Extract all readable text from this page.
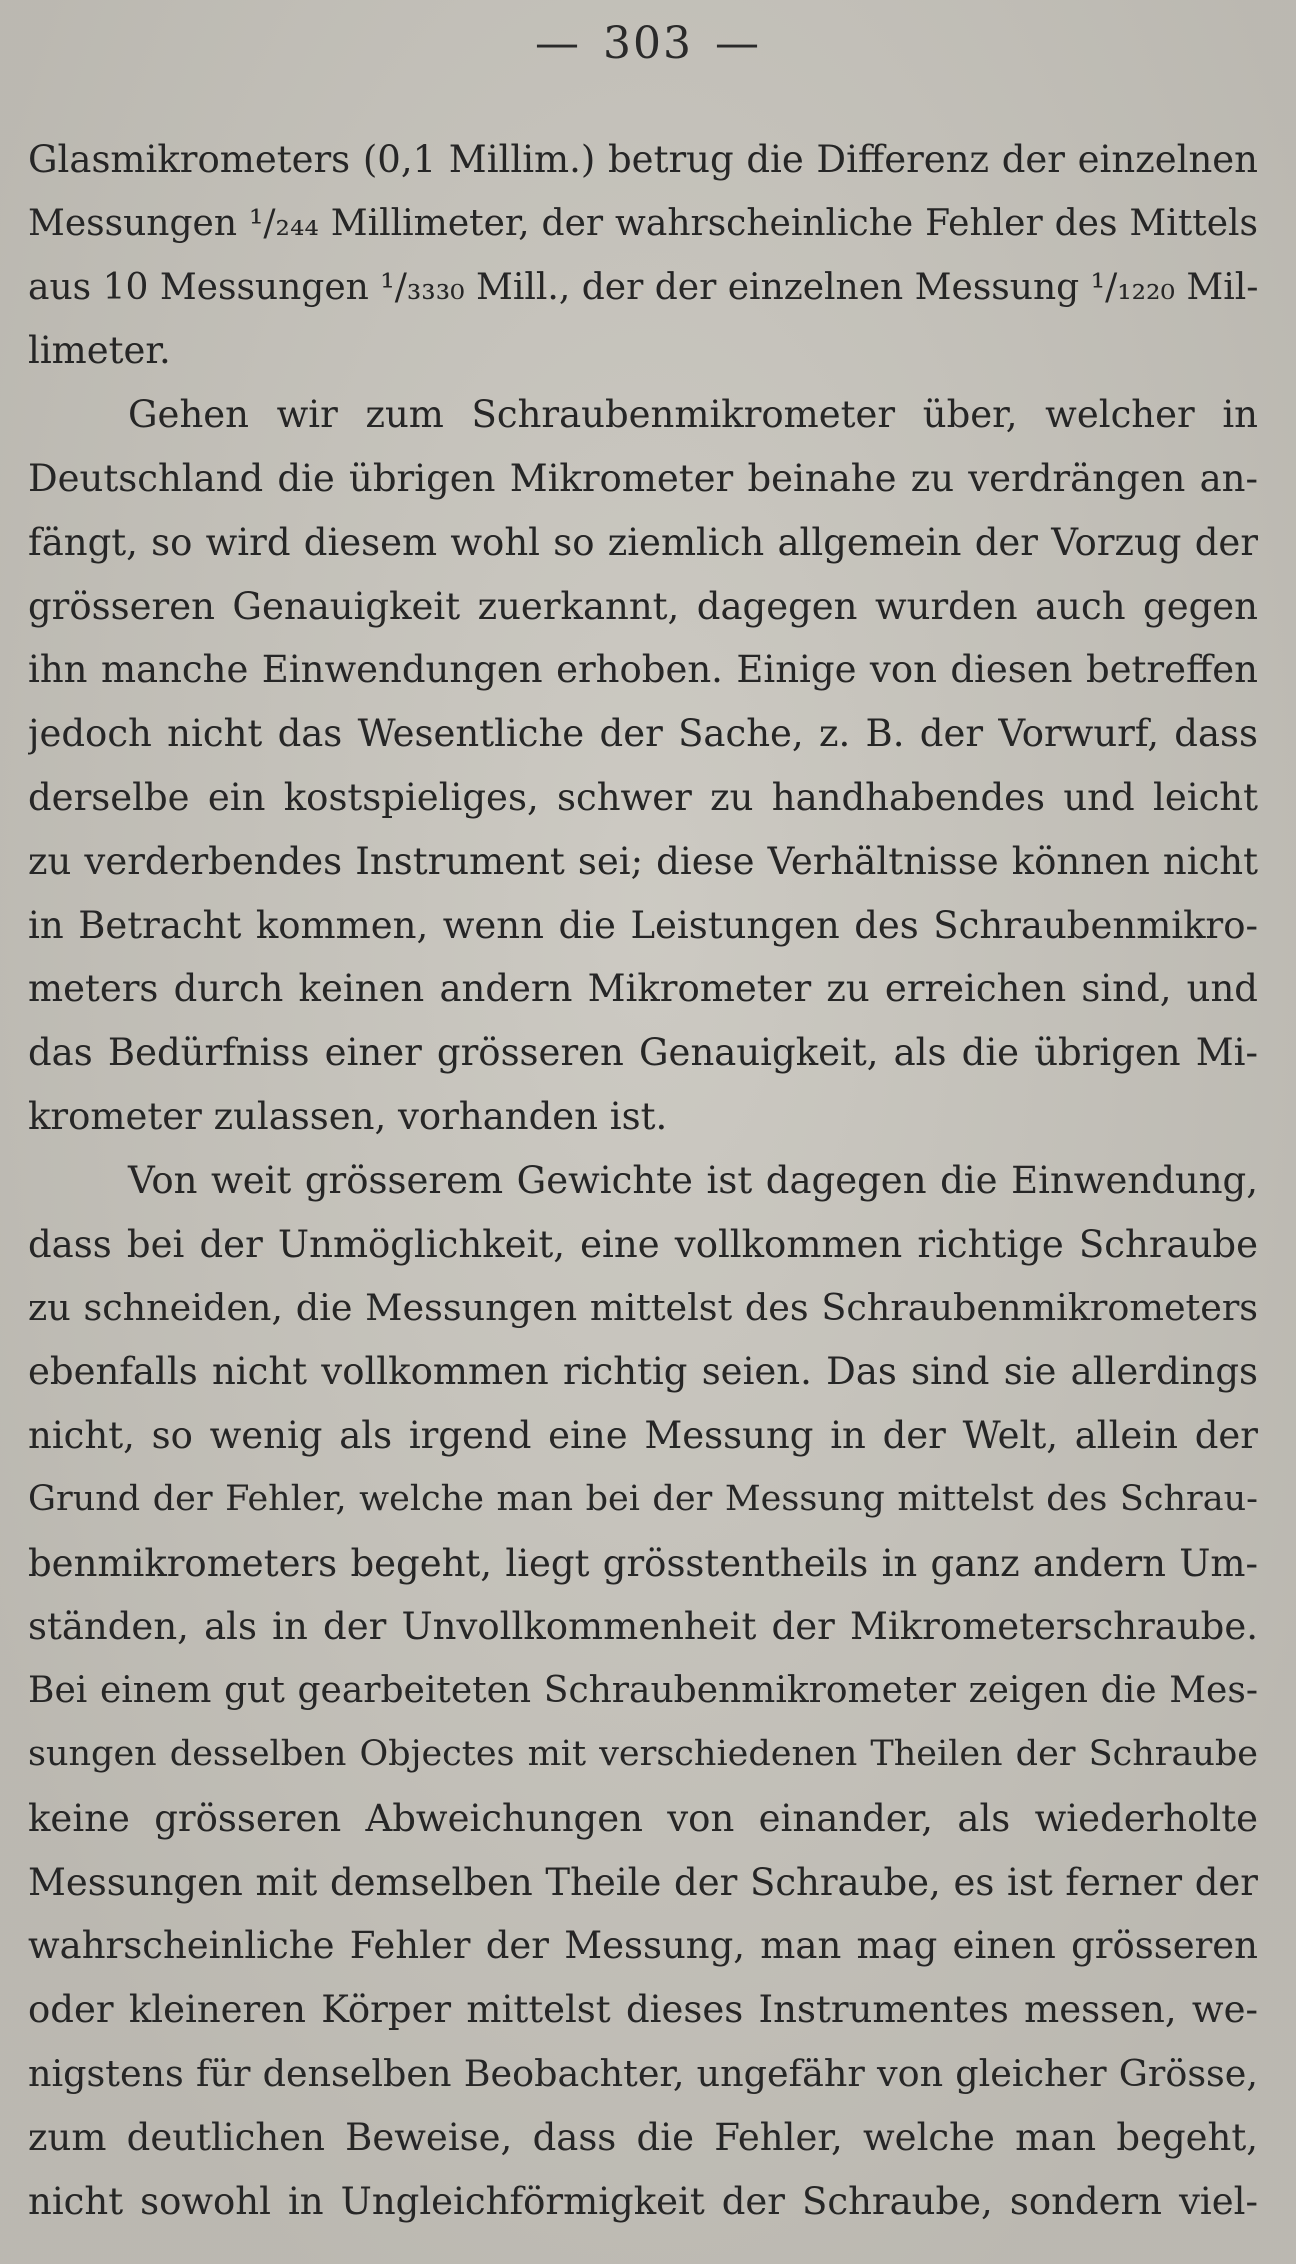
— 303 —
Glasmikrometers (0,1 Millim.) betrug die Differenz der einzelnen
Messungen ¹/₂₄₄ Millimeter, der wahrscheinliche Fehler des Mittels
aus 10 Messungen ¹/₃₃₃₀ Mill., der der einzelnen Messung ¹/₁₂₂₀ Mil-
limeter.
Gehen wir zum Schraubenmikrometer über, welcher in
Deutschland die übrigen Mikrometer beinahe zu verdrängen an-
fängt, so wird diesem wohl so ziemlich allgemein der Vorzug der
grösseren Genauigkeit zuerkannt, dagegen wurden auch gegen
ihn manche Einwendungen erhoben. Einige von diesen betreffen
jedoch nicht das Wesentliche der Sache, z. B. der Vorwurf, dass
derselbe ein kostspieliges, schwer zu handhabendes und leicht
zu verderbendes Instrument sei; diese Verhältnisse können nicht
in Betracht kommen, wenn die Leistungen des Schraubenmikro-
meters durch keinen andern Mikrometer zu erreichen sind, und
das Bedürfniss einer grösseren Genauigkeit, als die übrigen Mi-
krometer zulassen, vorhanden ist.
Von weit grösserem Gewichte ist dagegen die Einwendung,
dass bei der Unmöglichkeit, eine vollkommen richtige Schraube
zu schneiden, die Messungen mittelst des Schraubenmikrometers
ebenfalls nicht vollkommen richtig seien. Das sind sie allerdings
nicht, so wenig als irgend eine Messung in der Welt, allein der
Grund der Fehler, welche man bei der Messung mittelst des Schrau-
benmikrometers begeht, liegt grösstentheils in ganz andern Um-
ständen, als in der Unvollkommenheit der Mikrometerschraube.
Bei einem gut gearbeiteten Schraubenmikrometer zeigen die Mes-
sungen desselben Objectes mit verschiedenen Theilen der Schraube
keine grösseren Abweichungen von einander, als wiederholte
Messungen mit demselben Theile der Schraube, es ist ferner der
wahrscheinliche Fehler der Messung, man mag einen grösseren
oder kleineren Körper mittelst dieses Instrumentes messen, we-
nigstens für denselben Beobachter, ungefähr von gleicher Grösse,
zum deutlichen Beweise, dass die Fehler, welche man begeht,
nicht sowohl in Ungleichförmigkeit der Schraube, sondern viel-
